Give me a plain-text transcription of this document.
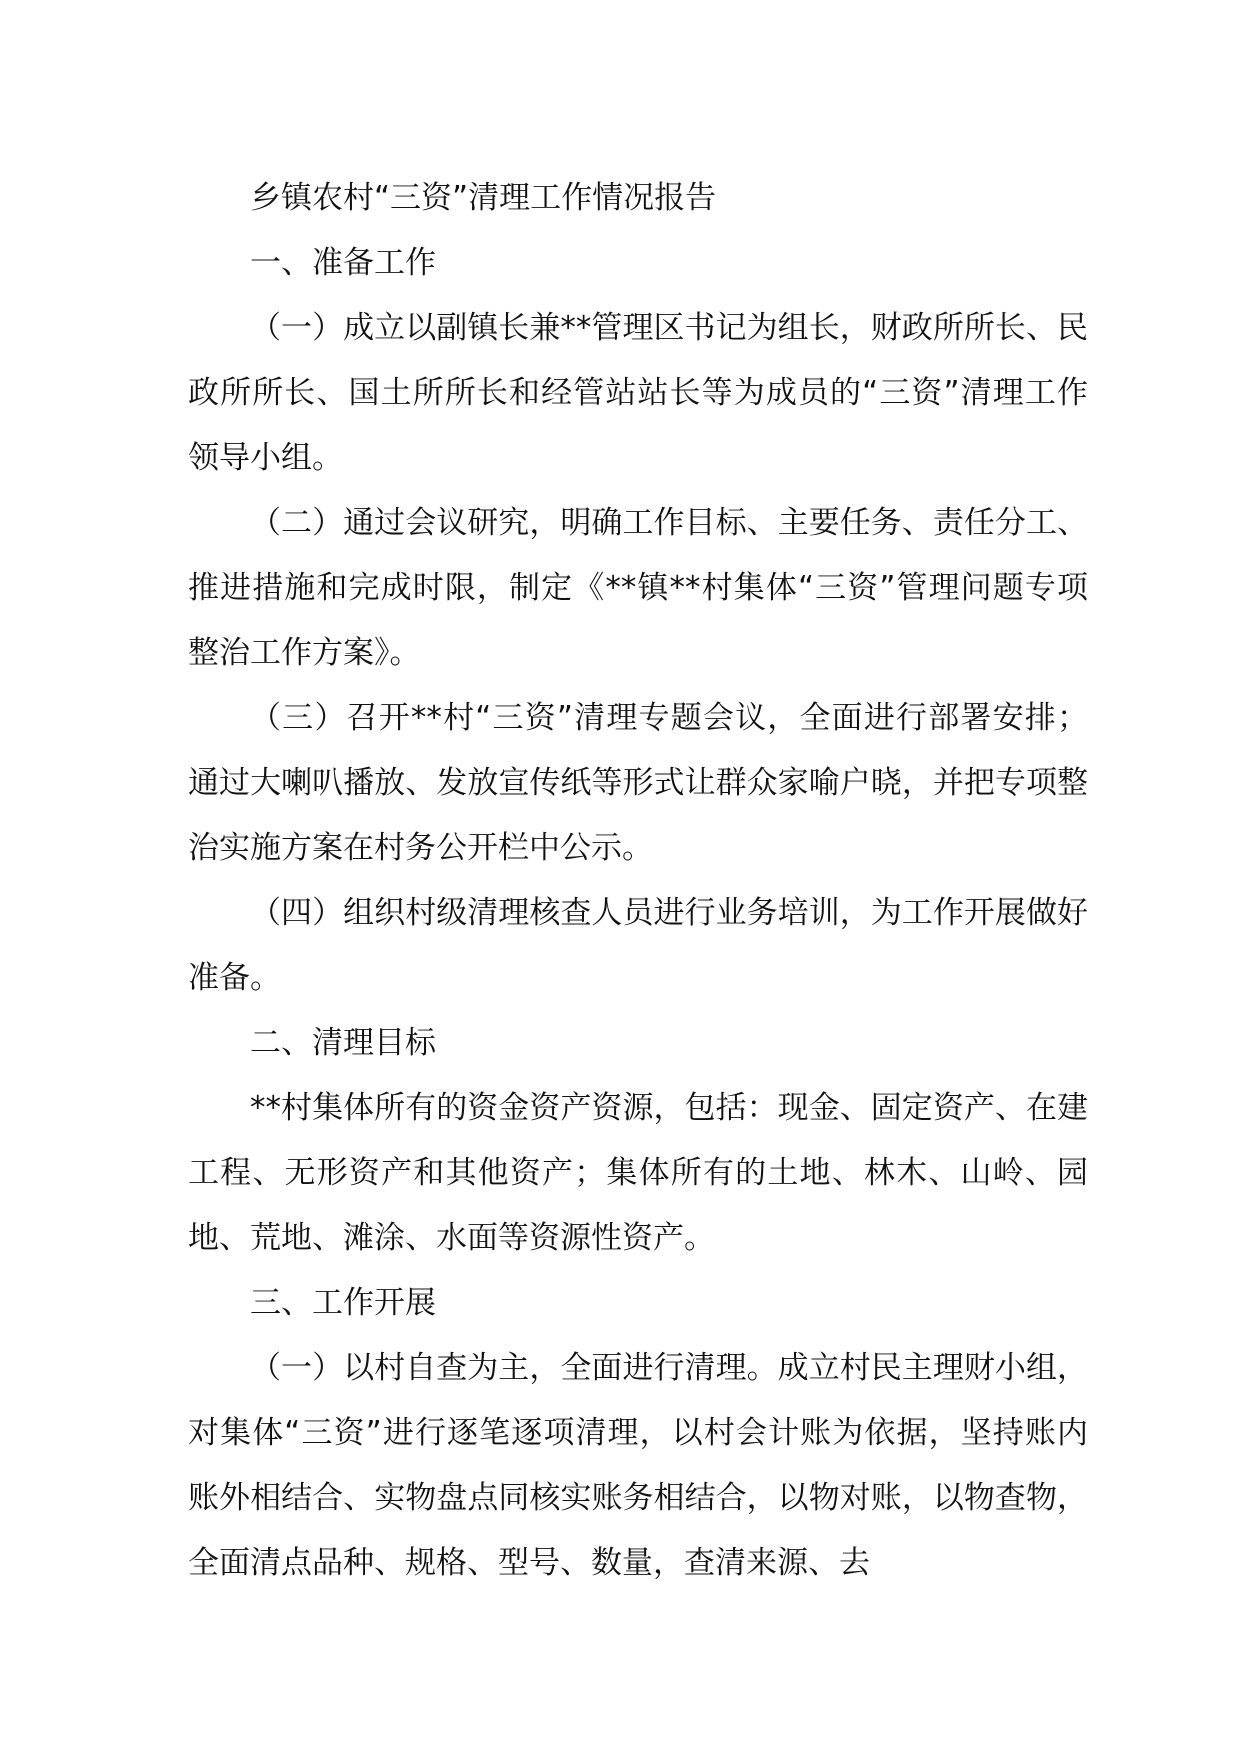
乡镇农村“三资”清理工作情况报告

一、准备工作

（一）成立以副镇长兼**管理区书记为组长，财政所所长、民政所所长、国土所所长和经管站站长等为成员的“三资”清理工作领导小组。

（二）通过会议研究，明确工作目标、主要任务、责任分工、推进措施和完成时限，制定《**镇**村集体“三资”管理问题专项整治工作方案》。

（三）召开**村“三资”清理专题会议，全面进行部署安排；通过大喇叭播放、发放宣传纸等形式让群众家喻户晓，并把专项整治实施方案在村务公开栏中公示。

（四）组织村级清理核查人员进行业务培训，为工作开展做好准备。

二、清理目标

**村集体所有的资金资产资源，包括：现金、固定资产、在建工程、无形资产和其他资产；集体所有的土地、林木、山岭、园地、荒地、滩涂、水面等资源性资产。

三、工作开展

（一）以村自查为主，全面进行清理。成立村民主理财小组，对集体“三资”进行逐笔逐项清理，以村会计账为依据，坚持账内账外相结合、实物盘点同核实账务相结合，以物对账，以物查物，全面清点品种、规格、型号、数量，查清来源、去
